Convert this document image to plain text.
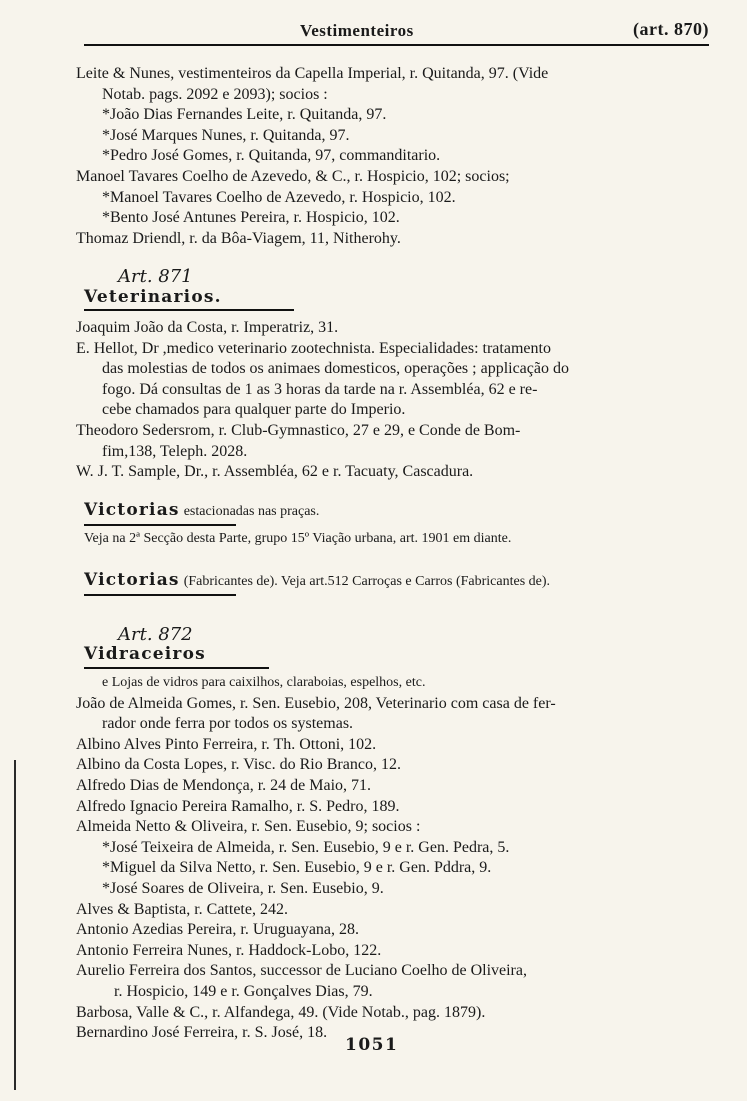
Vestimenteiros	(art. 870)
Leite & Nunes, vestimenteiros da Capella Imperial, r. Quitanda, 97. (Vide
Notab. pags. 2092 e 2093); socios :
*João Dias Fernandes Leite, r. Quitanda, 97.
*José Marques Nunes, r. Quitanda, 97.
*Pedro José Gomes, r. Quitanda, 97, commanditario.
Manoel Tavares Coelho de Azevedo, & C., r. Hospicio, 102; socios;
*Manoel Tavares Coelho de Azevedo, r. Hospicio, 102.
*Bento José Antunes Pereira, r. Hospicio, 102.
Thomaz Driendl, r. da Bôa-Viagem, 11, Nitherohy.
Art. 871
Veterinarios.
Joaquim João da Costa, r. Imperatriz, 31.
E. Hellot, Dr ,medico veterinario zootechnista. Especialidades: tratamento
das molestias de todos os animaes domesticos, operações ; applicação do
fogo. Dá consultas de 1 as 3 horas da tarde na r. Assembléa, 62 e re-
cebe chamados para qualquer parte do Imperio.
Theodoro Sedersrom, r. Club-Gymnastico, 27 e 29, e Conde de Bom-
fim,138, Teleph. 2028.
W. J. T. Sample, Dr., r. Assembléa, 62 e r. Tacuaty, Cascadura.
Victorias estacionadas nas praças.
Veja na 2ª Secção desta Parte, grupo 15º Viação urbana, art. 1901 em diante.
Victorias (Fabricantes de). Veja art.512 Carroças e Carros (Fabricantes de).
Art. 872
Vidraceiros
e Lojas de vidros para caixilhos, claraboias, espelhos, etc.
João de Almeida Gomes, r. Sen. Eusebio, 208, Veterinario com casa de fer-
rador onde ferra por todos os systemas.
Albino Alves Pinto Ferreira, r. Th. Ottoni, 102.
Albino da Costa Lopes, r. Visc. do Rio Branco, 12.
Alfredo Dias de Mendonça, r. 24 de Maio, 71.
Alfredo Ignacio Pereira Ramalho, r. S. Pedro, 189.
Almeida Netto & Oliveira, r. Sen. Eusebio, 9; socios :
*José Teixeira de Almeida, r. Sen. Eusebio, 9 e r. Gen. Pedra, 5.
*Miguel da Silva Netto, r. Sen. Eusebio, 9 e r. Gen. Pddra, 9.
*José Soares de Oliveira, r. Sen. Eusebio, 9.
Alves & Baptista, r. Cattete, 242.
Antonio Azedias Pereira, r. Uruguayana, 28.
Antonio Ferreira Nunes, r. Haddock-Lobo, 122.
Aurelio Ferreira dos Santos, successor de Luciano Coelho de Oliveira,
r. Hospicio, 149 e r. Gonçalves Dias, 79.
Barbosa, Valle & C., r. Alfandega, 49. (Vide Notab., pag. 1879).
Bernardino José Ferreira, r. S. José, 18.
1051
